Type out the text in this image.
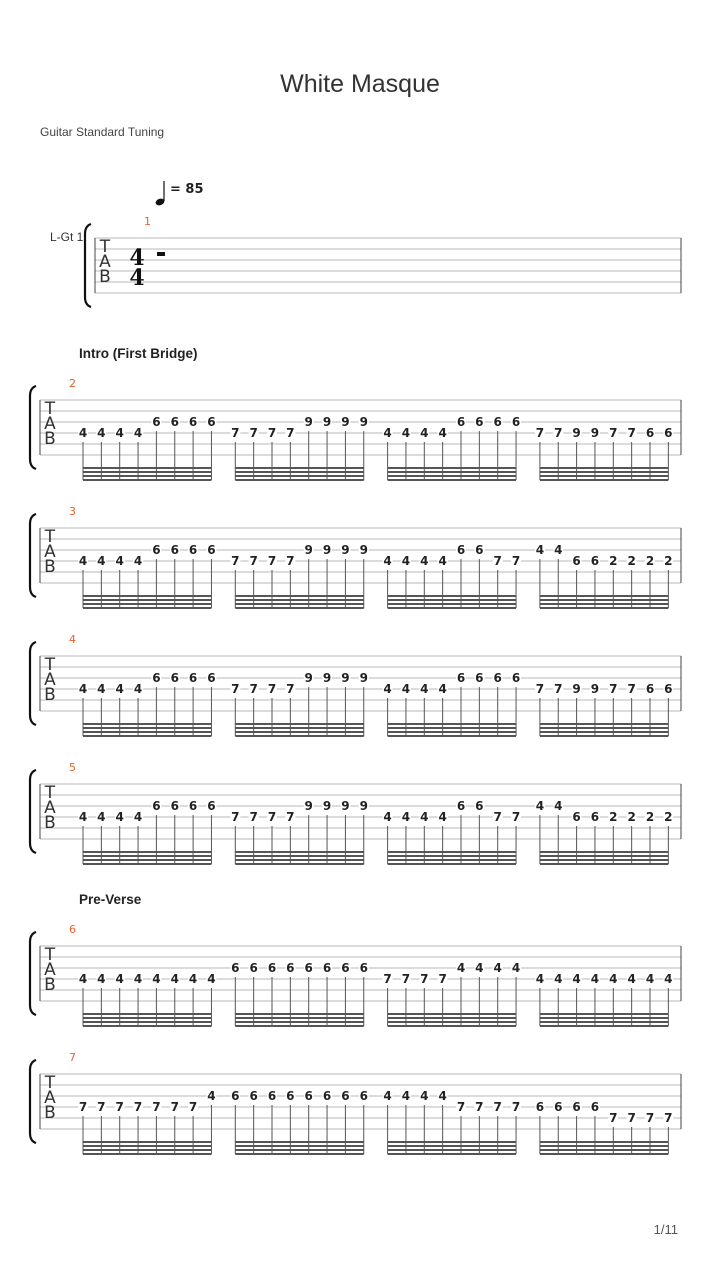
White Masque
Guitar Standard Tuning
L-Gt 1
Intro (First Bridge)
Pre-Verse
1/11
T
A
B
1
4
4
= 85
T
A
B
2
4 4 4 4
6 6 6 6
7 7 7 7
9 9 9 9
4 4 4 4
6 6 6 6
7 7 9 9 7 7 6 6
T
A
B
3
4 4 4 4
6 6 6 6
7 7 7 7
9 9 9 9
4 4 4 4
6 6
7 7
4 4
6 6 2 2 2 2
T
A
B
4
4 4 4 4
6 6 6 6
7 7 7 7
9 9 9 9
4 4 4 4
6 6 6 6
7 7 9 9 7 7 6 6
T
A
B
5
4 4 4 4
6 6 6 6
7 7 7 7
9 9 9 9
4 4 4 4
6 6
7 7
4 4
6 6 2 2 2 2
T
A
B
6
4 4 4 4 4 4 4 4
6 6 6 6 6 6 6 6
7 7 7 7
4 4 4 4
4 4 4 4 4 4 4 4
T
A
B
7
7 7 7 7 7 7 7
4 6 6 6 6 6 6 6 6 4 4 4 4
7 7 7 7 6 6 6 6
7 7 7 7
